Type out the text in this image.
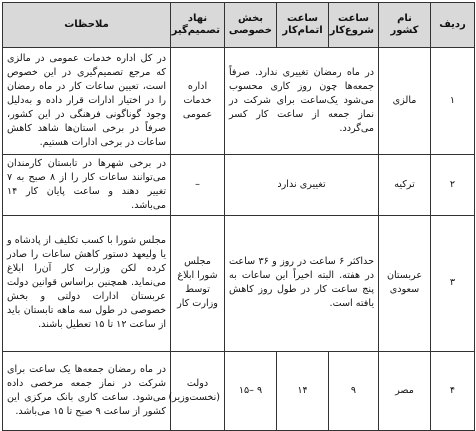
ردیف	نام کشور	ساعت شروع‌کار	ساعت اتمام‌کار	بخش خصوصی	نهاد تصمیم‌گیر	ملاحظات
۱	مالزی	در ماه رمضان تغییری ندارد. صرفاً جمعه‌ها چون روز کاری محسوب می‌شود یک‌ساعت برای شرکت در نماز جمعه از ساعت کار کسر می‌گردد.			اداره خدمات عمومی	در کل اداره خدمات عمومی در مالزی که مرجع تصمیم‌گیری در این خصوص است، تعیین ساعات کار در ماه رمضان را در اختیار ادارات قرار داده و به‌دلیل وجود گوناگونی فرهنگی در این کشور، صرفاً در برخی استان‌ها شاهد کاهش ساعات در برخی ادارات هستیم.
۲	ترکیه	تغییری ندارد			–	در برخی شهرها در تابستان کارمندان می‌توانند ساعات کار را از ۸ صبح به ۷ تغییر دهند و ساعت پایان کار ۱۴ می‌باشد.
۳	عربستان سعودی	حداکثر ۶ ساعت در روز و ۳۶ ساعت در هفته. البته اخیراً این ساعات به پنج ساعت کار در طول روز کاهش یافته است.			مجلس شورا ابلاغ توسط وزارت کار	مجلس شورا با کسب تکلیف از پادشاه و یا ولیعهد دستور کاهش ساعات را صادر کرده لکن وزارت کار آن‌را ابلاغ می‌نماید. همچنین براساس قوانین دولت عربستان ادارات دولتی و بخش خصوصی در طول سه ماهه تابستان باید از ساعت ۱۲ تا ۱۵ تعطیل باشند.
۴	مصر	۹	۱۴	۹ –۱۵	دولت (نخست‌وزیر)	در ماه رمضان جمعه‌ها یک ساعت برای شرکت در نماز جمعه مرخصی داده می‌شود. ساعت کاری بانک مرکزی این کشور از ساعت ۹ صبح تا ۱۵ می‌باشد.
